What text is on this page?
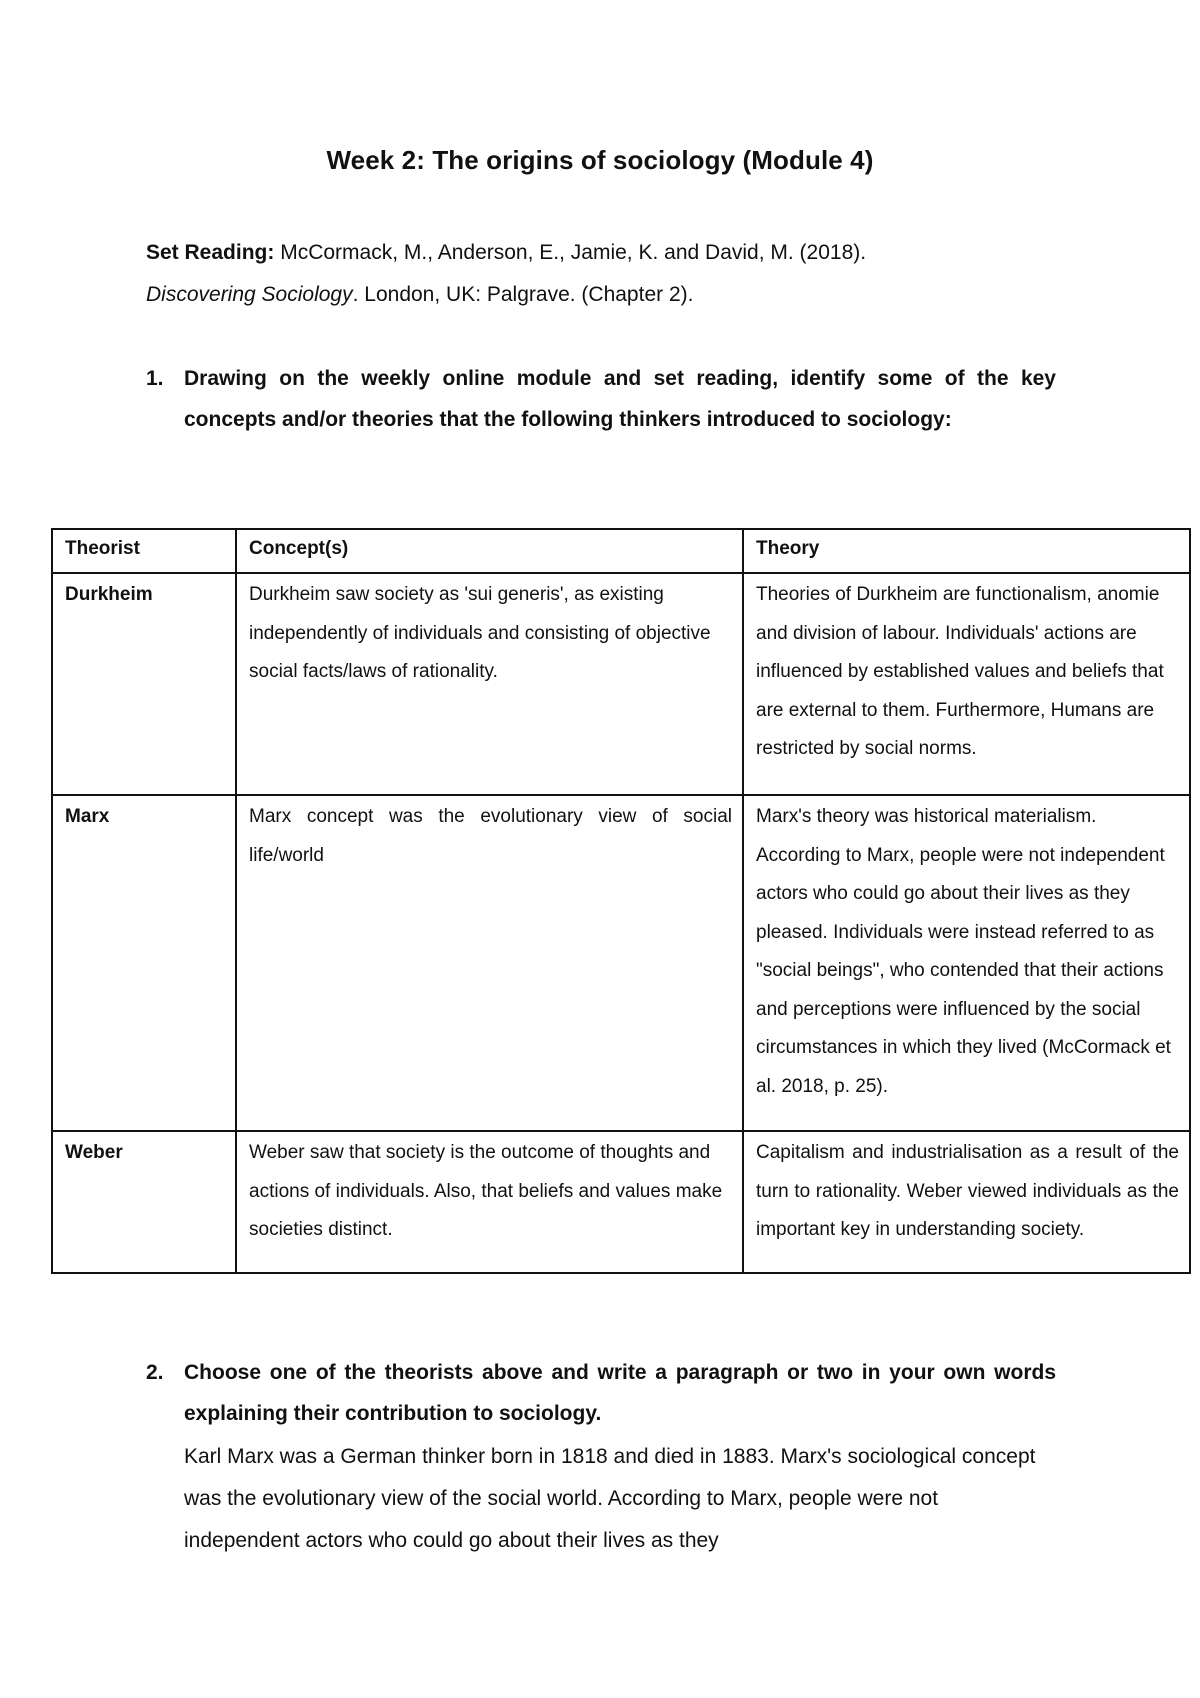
Week 2: The origins of sociology (Module 4)
Set Reading: McCormack, M., Anderson, E., Jamie, K. and David, M. (2018).
Discovering Sociology. London, UK: Palgrave. (Chapter 2).
1. Drawing on the weekly online module and set reading, identify some of the key concepts and/or theories that the following thinkers introduced to sociology:
Theorist	Concept(s)	Theory
Durkheim	Durkheim saw society as 'sui generis', as existing independently of individuals and consisting of objective social facts/laws of rationality.	Theories of Durkheim are functionalism, anomie and division of labour. Individuals' actions are influenced by established values and beliefs that are external to them. Furthermore, Humans are restricted by social norms.
Marx	Marx concept was the evolutionary view of social life/world	Marx's theory was historical materialism. According to Marx, people were not independent actors who could go about their lives as they pleased. Individuals were instead referred to as "social beings", who contended that their actions and perceptions were influenced by the social circumstances in which they lived (McCormack et al. 2018, p. 25).
Weber	Weber saw that society is the outcome of thoughts and actions of individuals. Also, that beliefs and values make societies distinct.	Capitalism and industrialisation as a result of the turn to rationality. Weber viewed individuals as the important key in understanding society.
2. Choose one of the theorists above and write a paragraph or two in your own words explaining their contribution to sociology.
Karl Marx was a German thinker born in 1818 and died in 1883. Marx's sociological concept was the evolutionary view of the social world. According to Marx, people were not independent actors who could go about their lives as they
